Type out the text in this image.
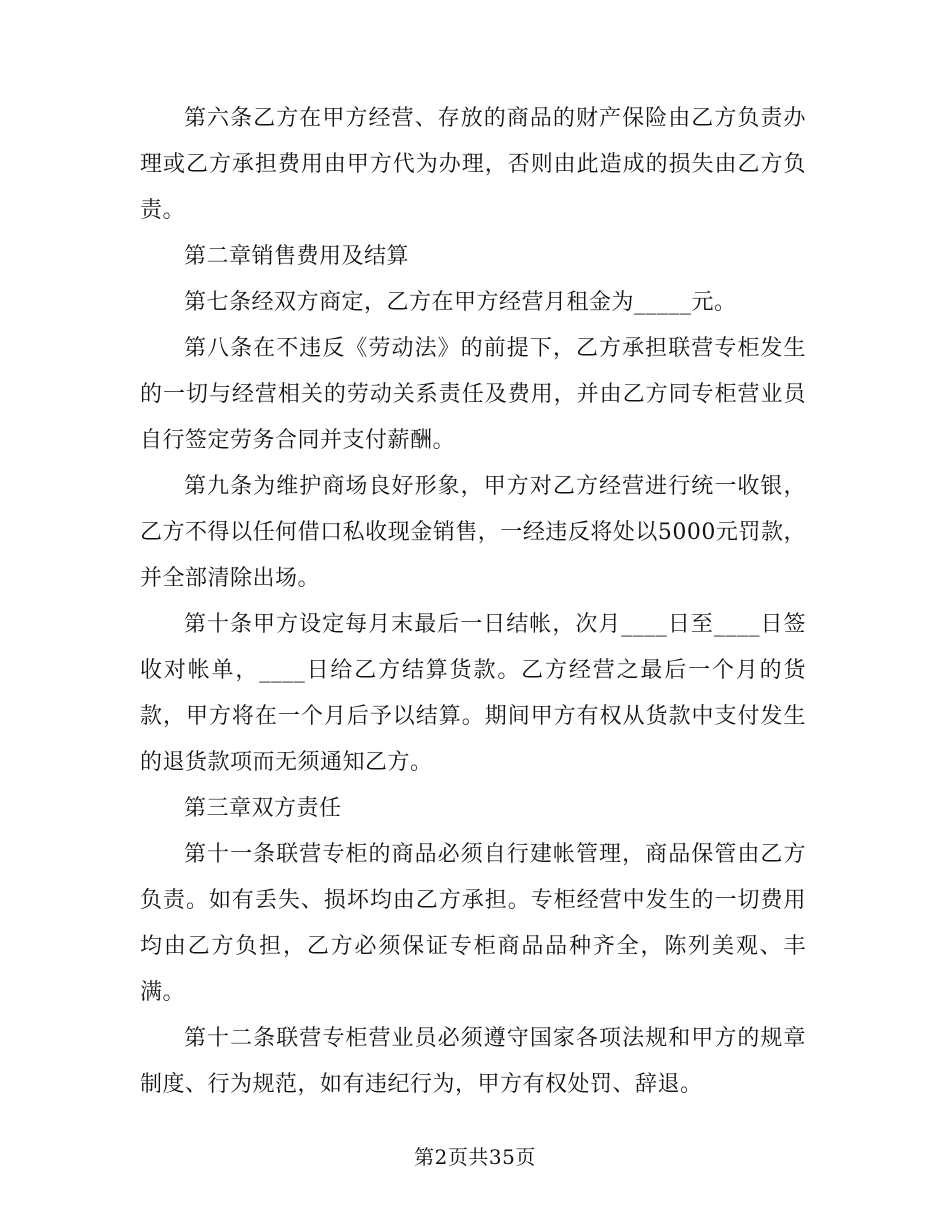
第六条乙方在甲方经营、存放的商品的财产保险由乙方负责办理或乙方承担费用由甲方代为办理，否则由此造成的损失由乙方负责。

第二章销售费用及结算

第七条经双方商定，乙方在甲方经营月租金为_____元。

第八条在不违反《劳动法》的前提下，乙方承担联营专柜发生的一切与经营相关的劳动关系责任及费用，并由乙方同专柜营业员自行签定劳务合同并支付薪酬。

第九条为维护商场良好形象，甲方对乙方经营进行统一收银，乙方不得以任何借口私收现金销售，一经违反将处以5000元罚款，并全部清除出场。

第十条甲方设定每月末最后一日结帐，次月____日至____日签收对帐单，____日给乙方结算货款。乙方经营之最后一个月的货款，甲方将在一个月后予以结算。期间甲方有权从货款中支付发生的退货款项而无须通知乙方。

第三章双方责任

第十一条联营专柜的商品必须自行建帐管理，商品保管由乙方负责。如有丢失、损坏均由乙方承担。专柜经营中发生的一切费用均由乙方负担，乙方必须保证专柜商品品种齐全，陈列美观、丰满。

第十二条联营专柜营业员必须遵守国家各项法规和甲方的规章制度、行为规范，如有违纪行为，甲方有权处罚、辞退。

第2页共35页
